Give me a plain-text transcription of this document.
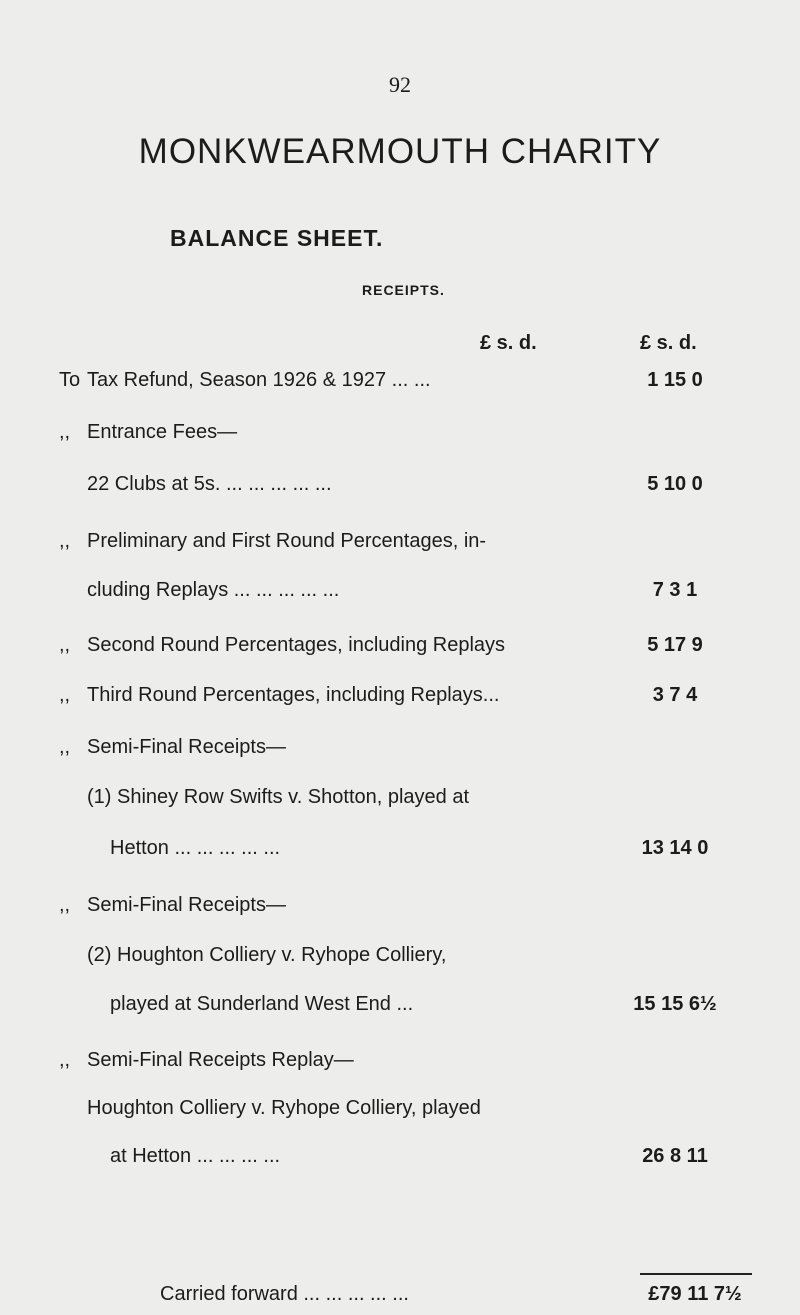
92
MONKWEARMOUTH CHARITY
BALANCE SHEET.
RECEIPTS.
£ s. d.	£ s. d.
To Tax Refund, Season 1926 & 1927 ... ...	1 15 0
,, Entrance Fees—
22 Clubs at 5s. ... ... ... ... ...	5 10 0
,, Preliminary and First Round Percentages, in-
cluding Replays ... ... ... ... ...	7 3 1
,, Second Round Percentages, including Replays	5 17 9
,, Third Round Percentages, including Replays...	3 7 4
,, Semi-Final Receipts—
(1) Shiney Row Swifts v. Shotton, played at
Hetton ... ... ... ... ...	13 14 0
,, Semi-Final Receipts—
(2) Houghton Colliery v. Ryhope Colliery,
played at Sunderland West End ...	15 15 6½
,, Semi-Final Receipts Replay—
Houghton Colliery v. Ryhope Colliery, played
at Hetton ... ... ... ...	26 8 11
Carried forward ... ... ... ... ...	£79 11 7½
